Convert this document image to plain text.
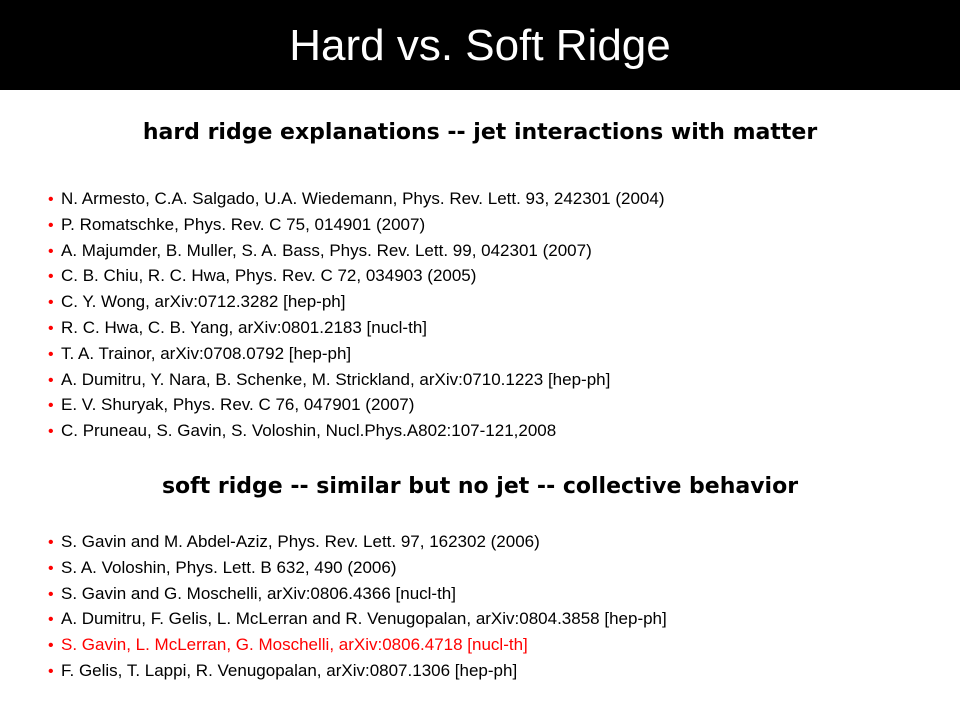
Hard vs. Soft Ridge
hard ridge explanations -- jet interactions with matter
• N. Armesto, C.A. Salgado, U.A. Wiedemann, Phys. Rev. Lett. 93, 242301 (2004)
• P. Romatschke, Phys. Rev. C 75, 014901 (2007)
• A. Majumder, B. Muller, S. A. Bass, Phys. Rev. Lett. 99, 042301 (2007)
• C. B. Chiu, R. C. Hwa, Phys. Rev. C 72, 034903 (2005)
• C. Y. Wong, arXiv:0712.3282 [hep-ph]
• R. C. Hwa, C. B. Yang, arXiv:0801.2183 [nucl-th]
• T. A. Trainor, arXiv:0708.0792 [hep-ph]
• A. Dumitru, Y. Nara, B. Schenke, M. Strickland, arXiv:0710.1223 [hep-ph]
• E. V. Shuryak, Phys. Rev. C 76, 047901 (2007)
• C. Pruneau, S. Gavin, S. Voloshin, Nucl.Phys.A802:107-121,2008
soft ridge -- similar but no jet -- collective behavior
• S. Gavin and M. Abdel-Aziz, Phys. Rev. Lett. 97, 162302 (2006)
• S. A. Voloshin, Phys. Lett. B 632, 490 (2006)
• S. Gavin and G. Moschelli, arXiv:0806.4366 [nucl-th]
• A. Dumitru, F. Gelis, L. McLerran and R. Venugopalan, arXiv:0804.3858 [hep-ph]
• S. Gavin, L. McLerran, G. Moschelli, arXiv:0806.4718 [nucl-th]
• F. Gelis, T. Lappi, R. Venugopalan, arXiv:0807.1306 [hep-ph]
